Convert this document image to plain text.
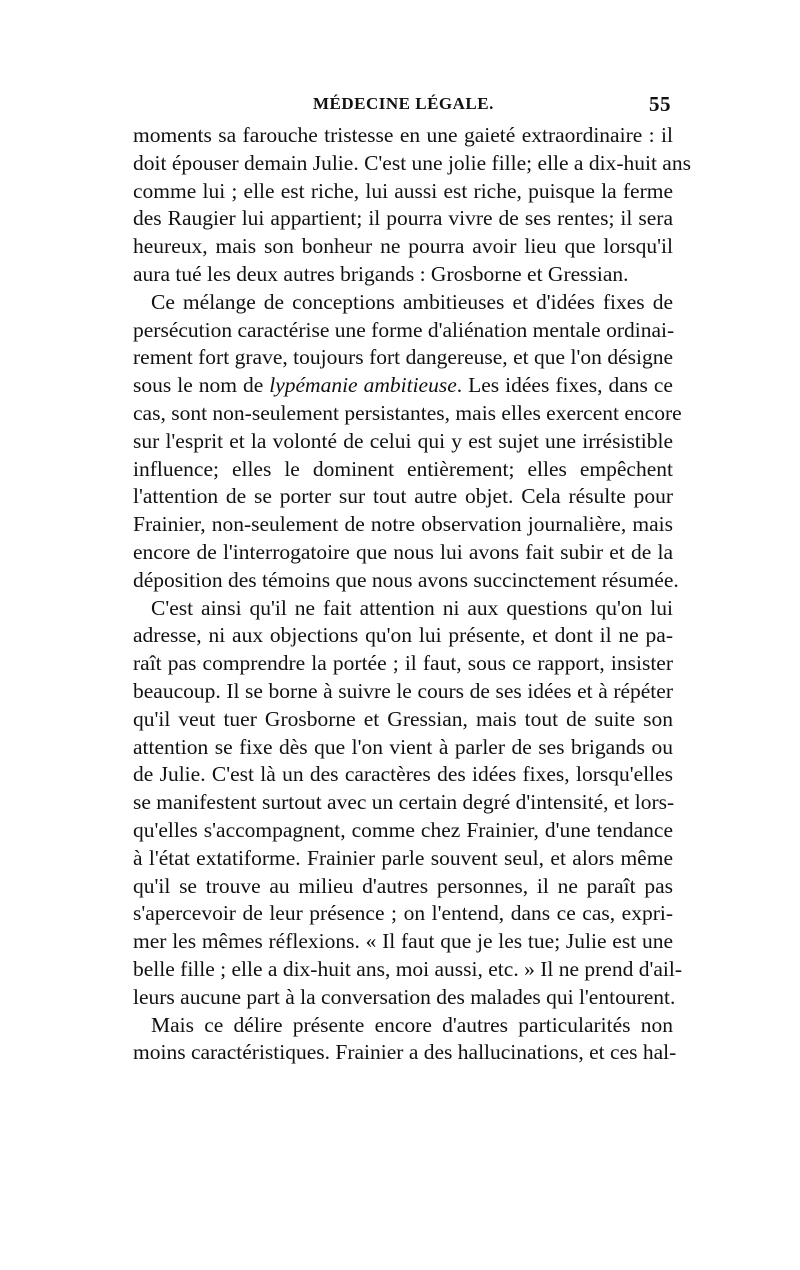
MÉDECINE LÉGALE.	55

moments sa farouche tristesse en une gaieté extraordinaire : il
doit épouser demain Julie. C'est une jolie fille; elle a dix-huit ans
comme lui ; elle est riche, lui aussi est riche, puisque la ferme
des Raugier lui appartient; il pourra vivre de ses rentes; il sera
heureux, mais son bonheur ne pourra avoir lieu que lorsqu'il
aura tué les deux autres brigands : Grosborne et Gressian.

Ce mélange de conceptions ambitieuses et d'idées fixes de
persécution caractérise une forme d'aliénation mentale ordinai-
rement fort grave, toujours fort dangereuse, et que l'on désigne
sous le nom de lypémanie ambitieuse. Les idées fixes, dans ce
cas, sont non-seulement persistantes, mais elles exercent encore
sur l'esprit et la volonté de celui qui y est sujet une irrésistible
influence; elles le dominent entièrement; elles empêchent
l'attention de se porter sur tout autre objet. Cela résulte pour
Frainier, non-seulement de notre observation journalière, mais
encore de l'interrogatoire que nous lui avons fait subir et de la
déposition des témoins que nous avons succinctement résumée.

C'est ainsi qu'il ne fait attention ni aux questions qu'on lui
adresse, ni aux objections qu'on lui présente, et dont il ne pa-
raît pas comprendre la portée ; il faut, sous ce rapport, insister
beaucoup. Il se borne à suivre le cours de ses idées et à répéter
qu'il veut tuer Grosborne et Gressian, mais tout de suite son
attention se fixe dès que l'on vient à parler de ses brigands ou
de Julie. C'est là un des caractères des idées fixes, lorsqu'elles
se manifestent surtout avec un certain degré d'intensité, et lors-
qu'elles s'accompagnent, comme chez Frainier, d'une tendance
à l'état extatiforme. Frainier parle souvent seul, et alors même
qu'il se trouve au milieu d'autres personnes, il ne paraît pas
s'apercevoir de leur présence ; on l'entend, dans ce cas, expri-
mer les mêmes réflexions. « Il faut que je les tue; Julie est une
belle fille ; elle a dix-huit ans, moi aussi, etc. » Il ne prend d'ail-
leurs aucune part à la conversation des malades qui l'entourent.

Mais ce délire présente encore d'autres particularités non
moins caractéristiques. Frainier a des hallucinations, et ces hal-
